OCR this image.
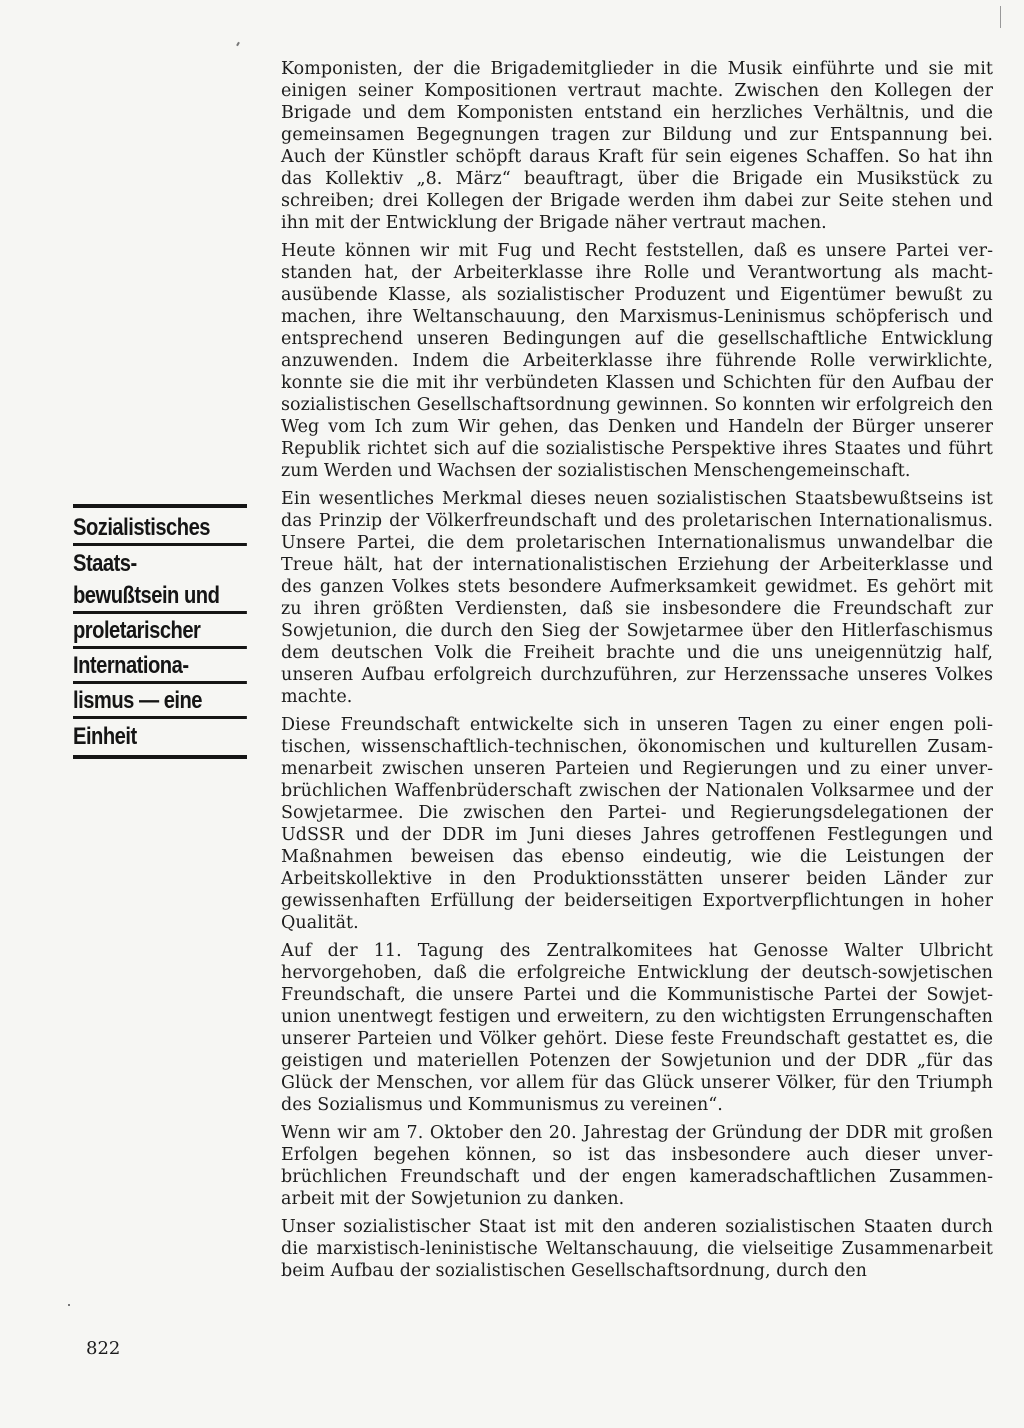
Sozialistisches
Staats-
bewußtsein und
proletarischer
Internationa-
lismus — eine
Einheit

Komponisten, der die Brigademitglieder in die Musik einführte und sie mit einigen seiner Kompositionen vertraut machte. Zwischen den Kollegen der Brigade und dem Komponisten entstand ein herzliches Verhältnis, und die gemeinsamen Begegnungen tragen zur Bildung und zur Entspannung bei. Auch der Künstler schöpft daraus Kraft für sein eigenes Schaffen. So hat ihn das Kollektiv „8. März“ beauftragt, über die Brigade ein Musikstück zu schreiben; drei Kollegen der Brigade werden ihm dabei zur Seite stehen und ihn mit der Entwicklung der Brigade näher vertraut machen.

Heute können wir mit Fug und Recht feststellen, daß es unsere Partei verstanden hat, der Arbeiterklasse ihre Rolle und Verantwortung als machtausübende Klasse, als sozialistischer Produzent und Eigentümer bewußt zu machen, ihre Weltanschauung, den Marxismus-Leninismus schöpferisch und entsprechend unseren Bedingungen auf die gesellschaftliche Entwicklung anzuwenden. Indem die Arbeiterklasse ihre führende Rolle verwirklichte, konnte sie die mit ihr verbündeten Klassen und Schichten für den Aufbau der sozialistischen Gesellschaftsordnung gewinnen. So konnten wir erfolgreich den Weg vom Ich zum Wir gehen, das Denken und Handeln der Bürger unserer Republik richtet sich auf die sozialistische Perspektive ihres Staates und führt zum Werden und Wachsen der sozialistischen Menschengemeinschaft.

Ein wesentliches Merkmal dieses neuen sozialistischen Staatsbewußtseins ist das Prinzip der Völkerfreundschaft und des proletarischen Internationalismus. Unsere Partei, die dem proletarischen Internationalismus unwandelbar die Treue hält, hat der internationalistischen Erziehung der Arbeiterklasse und des ganzen Volkes stets besondere Aufmerksamkeit gewidmet. Es gehört mit zu ihren größten Verdiensten, daß sie insbesondere die Freundschaft zur Sowjetunion, die durch den Sieg der Sowjetarmee über den Hitlerfaschismus dem deutschen Volk die Freiheit brachte und die uns uneigennützig half, unseren Aufbau erfolgreich durchzuführen, zur Herzenssache unseres Volkes machte.

Diese Freundschaft entwickelte sich in unseren Tagen zu einer engen politischen, wissenschaftlich-technischen, ökonomischen und kulturellen Zusammenarbeit zwischen unseren Parteien und Regierungen und zu einer unverbrüchlichen Waffenbrüderschaft zwischen der Nationalen Volksarmee und der Sowjetarmee. Die zwischen den Partei- und Regierungsdelegationen der UdSSR und der DDR im Juni dieses Jahres getroffenen Festlegungen und Maßnahmen beweisen das ebenso eindeutig, wie die Leistungen der Arbeitskollektive in den Produktionsstätten unserer beiden Länder zur gewissenhaften Erfüllung der beiderseitigen Exportverpflichtungen in hoher Qualität.

Auf der 11. Tagung des Zentralkomitees hat Genosse Walter Ulbricht hervorgehoben, daß die erfolgreiche Entwicklung der deutsch-sowjetischen Freundschaft, die unsere Partei und die Kommunistische Partei der Sowjetunion unentwegt festigen und erweitern, zu den wichtigsten Errungenschaften unserer Parteien und Völker gehört. Diese feste Freundschaft gestattet es, die geistigen und materiellen Potenzen der Sowjetunion und der DDR „für das Glück der Menschen, vor allem für das Glück unserer Völker, für den Triumph des Sozialismus und Kommunismus zu vereinen“.

Wenn wir am 7. Oktober den 20. Jahrestag der Gründung der DDR mit großen Erfolgen begehen können, so ist das insbesondere auch dieser unverbrüchlichen Freundschaft und der engen kameradschaftlichen Zusammenarbeit mit der Sowjetunion zu danken.

Unser sozialistischer Staat ist mit den anderen sozialistischen Staaten durch die marxistisch-leninistische Weltanschauung, die vielseitige Zusammenarbeit beim Aufbau der sozialistischen Gesellschaftsordnung, durch den

822
